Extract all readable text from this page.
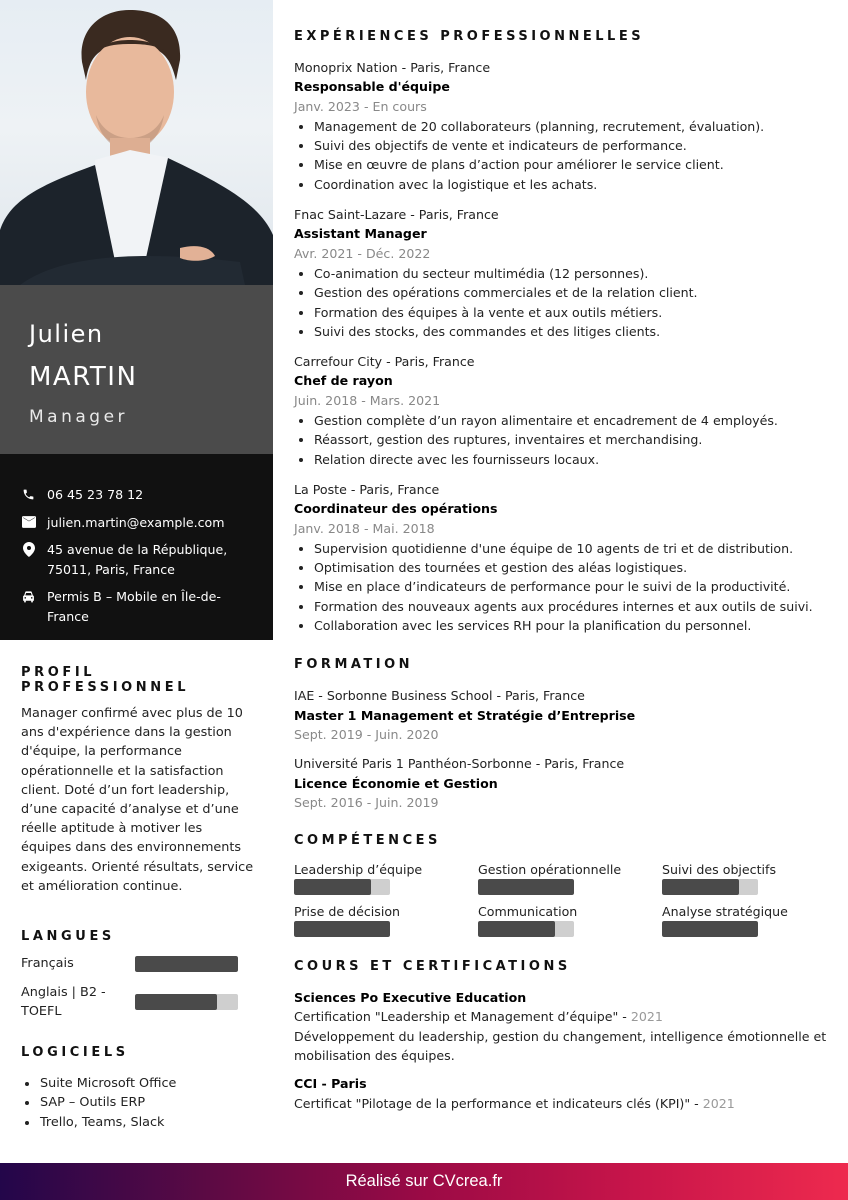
Julien
MARTIN
Manager
06 45 23 78 12
julien.martin@example.com
45 avenue de la République, 75011, Paris, France
Permis B – Mobile en Île-de-France
PROFIL PROFESSIONNEL

Manager confirmé avec plus de 10 ans d'expérience dans la gestion d'équipe, la performance opérationnelle et la satisfaction client. Doté d’un fort leadership, d’une capacité d’analyse et d’une réelle aptitude à motiver les équipes dans des environnements exigeants. Orienté résultats, service et amélioration continue.

LANGUES
Français
Anglais | B2 - TOEFL
LOGICIELS
Suite Microsoft Office
SAP – Outils ERP
Trello, Teams, Slack
EXPÉRIENCES PROFESSIONNELLES
Monoprix Nation - Paris, France
Responsable d'équipe
Janv. 2023 - En cours
Management de 20 collaborateurs (planning, recrutement, évaluation).
Suivi des objectifs de vente et indicateurs de performance.
Mise en œuvre de plans d’action pour améliorer le service client.
Coordination avec la logistique et les achats.
Fnac Saint-Lazare - Paris, France
Assistant Manager
Avr. 2021 - Déc. 2022
Co-animation du secteur multimédia (12 personnes).
Gestion des opérations commerciales et de la relation client.
Formation des équipes à la vente et aux outils métiers.
Suivi des stocks, des commandes et des litiges clients.
Carrefour City - Paris, France
Chef de rayon
Juin. 2018 - Mars. 2021
Gestion complète d’un rayon alimentaire et encadrement de 4 employés.
Réassort, gestion des ruptures, inventaires et merchandising.
Relation directe avec les fournisseurs locaux.
La Poste - Paris, France
Coordinateur des opérations
Janv. 2018 - Mai. 2018
Supervision quotidienne d'une équipe de 10 agents de tri et de distribution.
Optimisation des tournées et gestion des aléas logistiques.
Mise en place d’indicateurs de performance pour le suivi de la productivité.
Formation des nouveaux agents aux procédures internes et aux outils de suivi.
Collaboration avec les services RH pour la planification du personnel.
FORMATION
IAE - Sorbonne Business School - Paris, France
Master 1 Management et Stratégie d’Entreprise
Sept. 2019 - Juin. 2020
Université Paris 1 Panthéon-Sorbonne - Paris, France
Licence Économie et Gestion
Sept. 2016 - Juin. 2019
COMPÉTENCES
Leadership d’équipe	Gestion opérationnelle	Suivi des objectifs
Prise de décision	Communication	Analyse stratégique
COURS ET CERTIFICATIONS
Sciences Po Executive Education
Certification "Leadership et Management d’équipe" - 2021
Développement du leadership, gestion du changement, intelligence émotionnelle et mobilisation des équipes.
CCI - Paris
Certificat "Pilotage de la performance et indicateurs clés (KPI)" - 2021
Réalisé sur CVcrea.fr
